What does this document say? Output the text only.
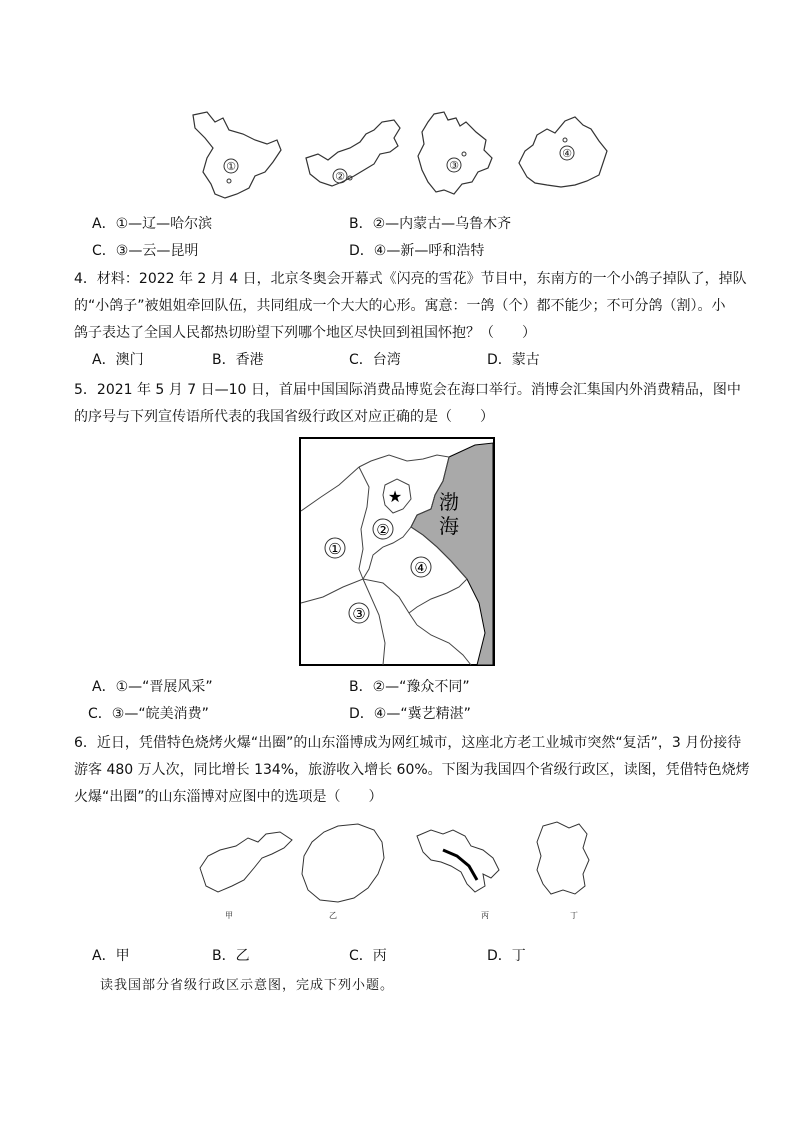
①
②
③
④
A．①—辽—哈尔滨	B．②—内蒙古—乌鲁木齐
C．③—云—昆明	D．④—新—呼和浩特
4．材料：2022 年 2 月 4 日，北京冬奥会开幕式《闪亮的雪花》节目中，东南方的一个小鸽子掉队了，掉队
的“小鸽子”被姐姐牵回队伍，共同组成一个大大的心形。寓意：一鸽（个）都不能少；不可分鸽（割）。小
鸽子表达了全国人民都热切盼望下列哪个地区尽快回到祖国怀抱？（　　）
A．澳门	B．香港	C．台湾	D．蒙古
5．2021 年 5 月 7 日—10 日，首届中国国际消费品博览会在海口举行。消博会汇集国内外消费精品，图中
的序号与下列宣传语所代表的我国省级行政区对应正确的是（　　）
★
①
②
③
④
渤
海
A．①—“晋展风采”	B．②—“豫众不同”
C．③—“皖美消费”	D．④—“冀艺精湛”
6．近日，凭借特色烧烤火爆“出圈”的山东淄博成为网红城市，这座北方老工业城市突然“复活”，3 月份接待
游客 480 万人次，同比增长 134%，旅游收入增长 60%。下图为我国四个省级行政区，读图，凭借特色烧烤
火爆“出圈”的山东淄博对应图中的选项是（　　）
甲	乙	丙	丁
A．甲	B．乙	C．丙	D．丁
读我国部分省级行政区示意图，完成下列小题。
